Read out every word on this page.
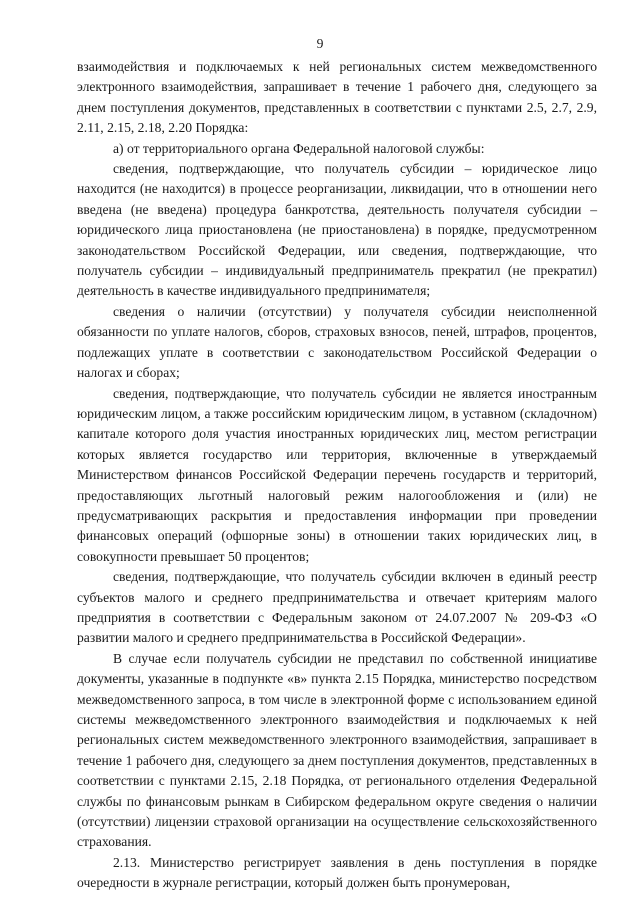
9

взаимодействия и подключаемых к ней региональных систем межведомственного электронного взаимодействия, запрашивает в течение 1 рабочего дня, следующего за днем поступления документов, представленных в соответствии с пунктами 2.5, 2.7, 2.9, 2.11, 2.15, 2.18, 2.20 Порядка:

а) от территориального органа Федеральной налоговой службы:

сведения, подтверждающие, что получатель субсидии – юридическое лицо находится (не находится) в процессе реорганизации, ликвидации, что в отношении него введена (не введена) процедура банкротства, деятельность получателя субсидии – юридического лица приостановлена (не приостановлена) в порядке, предусмотренном законодательством Российской Федерации, или сведения, подтверждающие, что получатель субсидии – индивидуальный предприниматель прекратил (не прекратил) деятельность в качестве индивидуального предпринимателя;

сведения о наличии (отсутствии) у получателя субсидии неисполненной обязанности по уплате налогов, сборов, страховых взносов, пеней, штрафов, процентов, подлежащих уплате в соответствии с законодательством Российской Федерации о налогах и сборах;

сведения, подтверждающие, что получатель субсидии не является иностранным юридическим лицом, а также российским юридическим лицом, в уставном (складочном) капитале которого доля участия иностранных юридических лиц, местом регистрации которых является государство или территория, включенные в утверждаемый Министерством финансов Российской Федерации перечень государств и территорий, предоставляющих льготный налоговый режим налогообложения и (или) не предусматривающих раскрытия и предоставления информации при проведении финансовых операций (офшорные зоны) в отношении таких юридических лиц, в совокупности превышает 50 процентов;

сведения, подтверждающие, что получатель субсидии включен в единый реестр субъектов малого и среднего предпринимательства и отвечает критериям малого предприятия в соответствии с Федеральным законом от 24.07.2007 № 209-ФЗ «О развитии малого и среднего предпринимательства в Российской Федерации».

В случае если получатель субсидии не представил по собственной инициативе документы, указанные в подпункте «в» пункта 2.15 Порядка, министерство посредством межведомственного запроса, в том числе в электронной форме с использованием единой системы межведомственного электронного взаимодействия и подключаемых к ней региональных систем межведомственного электронного взаимодействия, запрашивает в течение 1 рабочего дня, следующего за днем поступления документов, представленных в соответствии с пунктами 2.15, 2.18 Порядка, от регионального отделения Федеральной службы по финансовым рынкам в Сибирском федеральном округе сведения о наличии (отсутствии) лицензии страховой организации на осуществление сельскохозяйственного страхования.

2.13. Министерство регистрирует заявления в день поступления в порядке очередности в журнале регистрации, который должен быть пронумерован,
